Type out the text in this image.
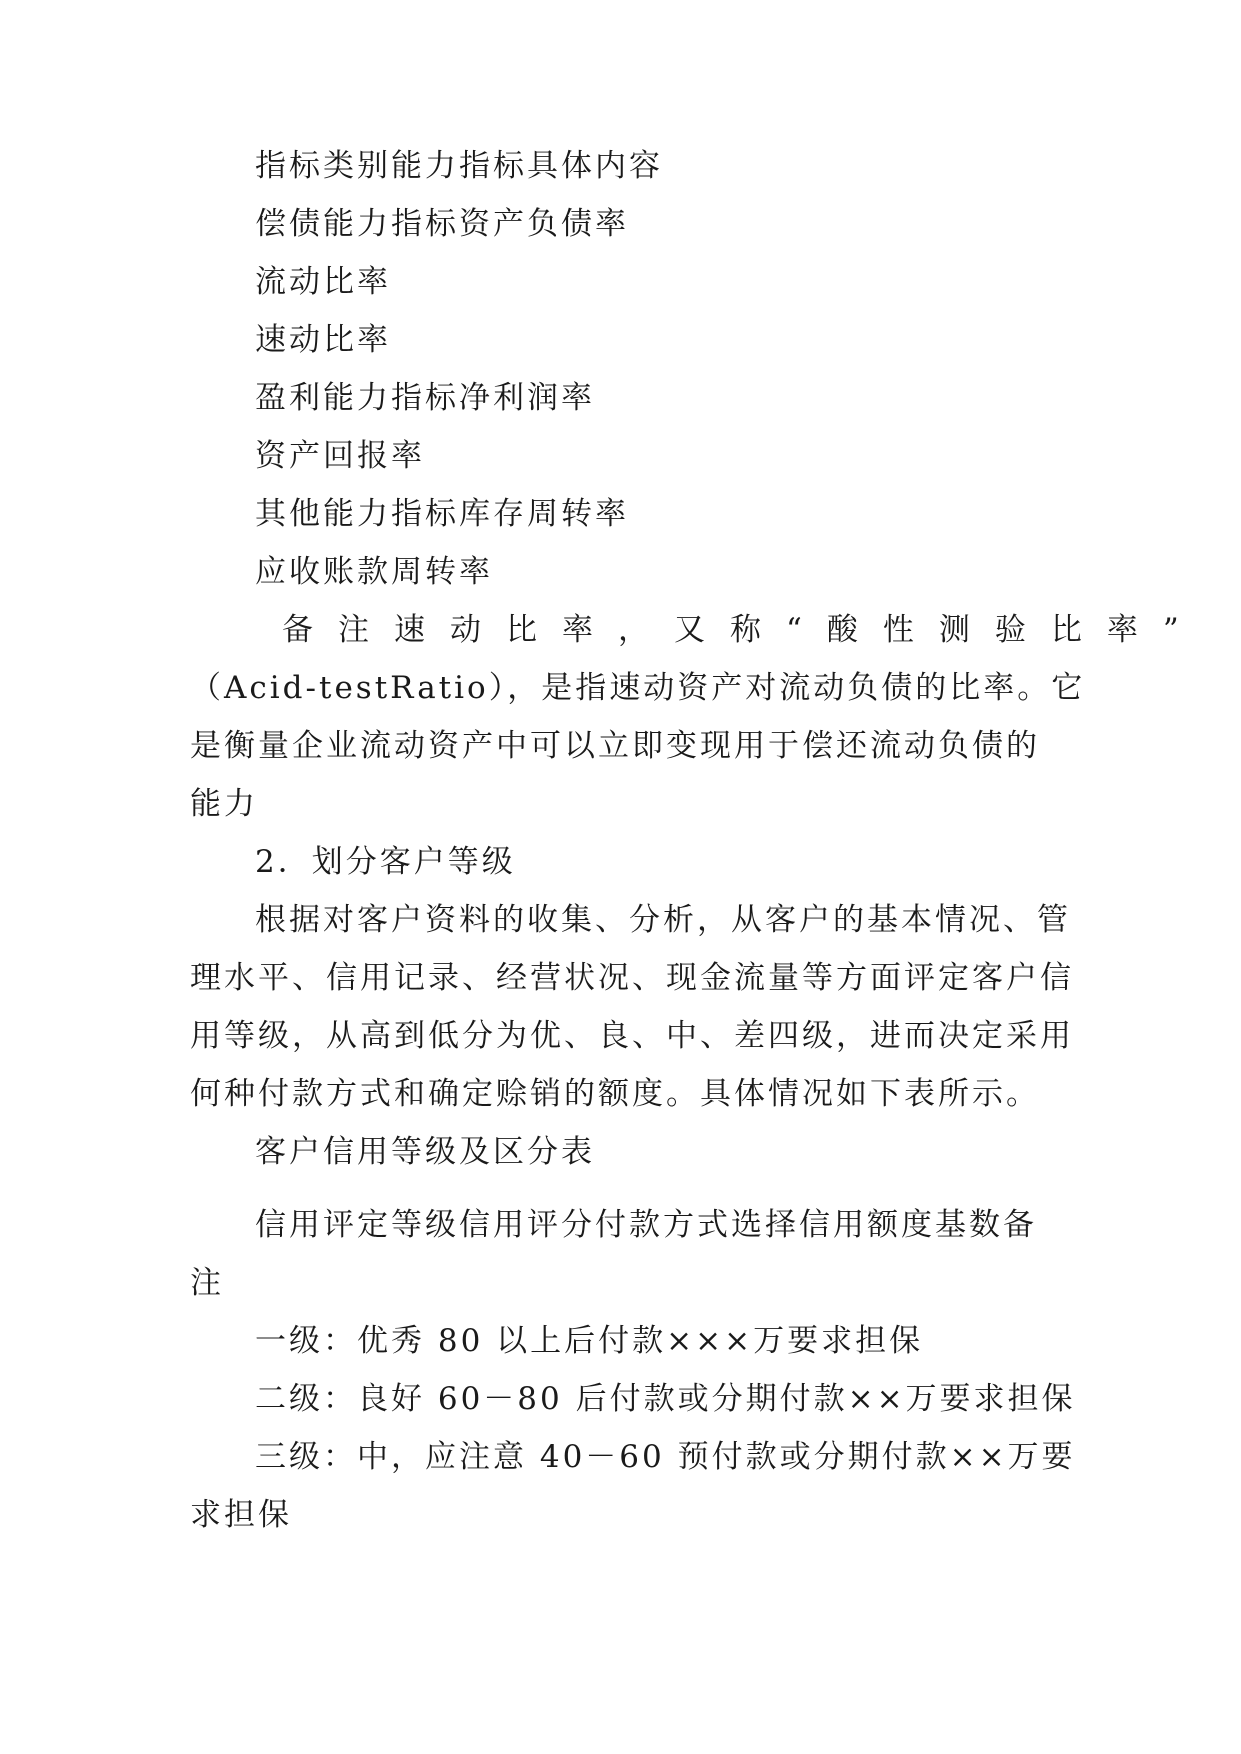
指标类别能力指标具体内容
偿债能力指标资产负债率
流动比率
速动比率
盈利能力指标净利润率
资产回报率
其他能力指标库存周转率
应收账款周转率
备注速动比率，又称“酸性测验比率”
（Acid-testRatio），是指速动资产对流动负债的比率。它
是衡量企业流动资产中可以立即变现用于偿还流动负债的
能力
2．划分客户等级
根据对客户资料的收集、分析，从客户的基本情况、管
理水平、信用记录、经营状况、现金流量等方面评定客户信
用等级，从高到低分为优、良、中、差四级，进而决定采用
何种付款方式和确定赊销的额度。具体情况如下表所示。
客户信用等级及区分表
信用评定等级信用评分付款方式选择信用额度基数备
注
一级：优秀 80 以上后付款×××万要求担保
二级：良好 60－80 后付款或分期付款××万要求担保
三级：中，应注意 40－60 预付款或分期付款××万要
求担保
